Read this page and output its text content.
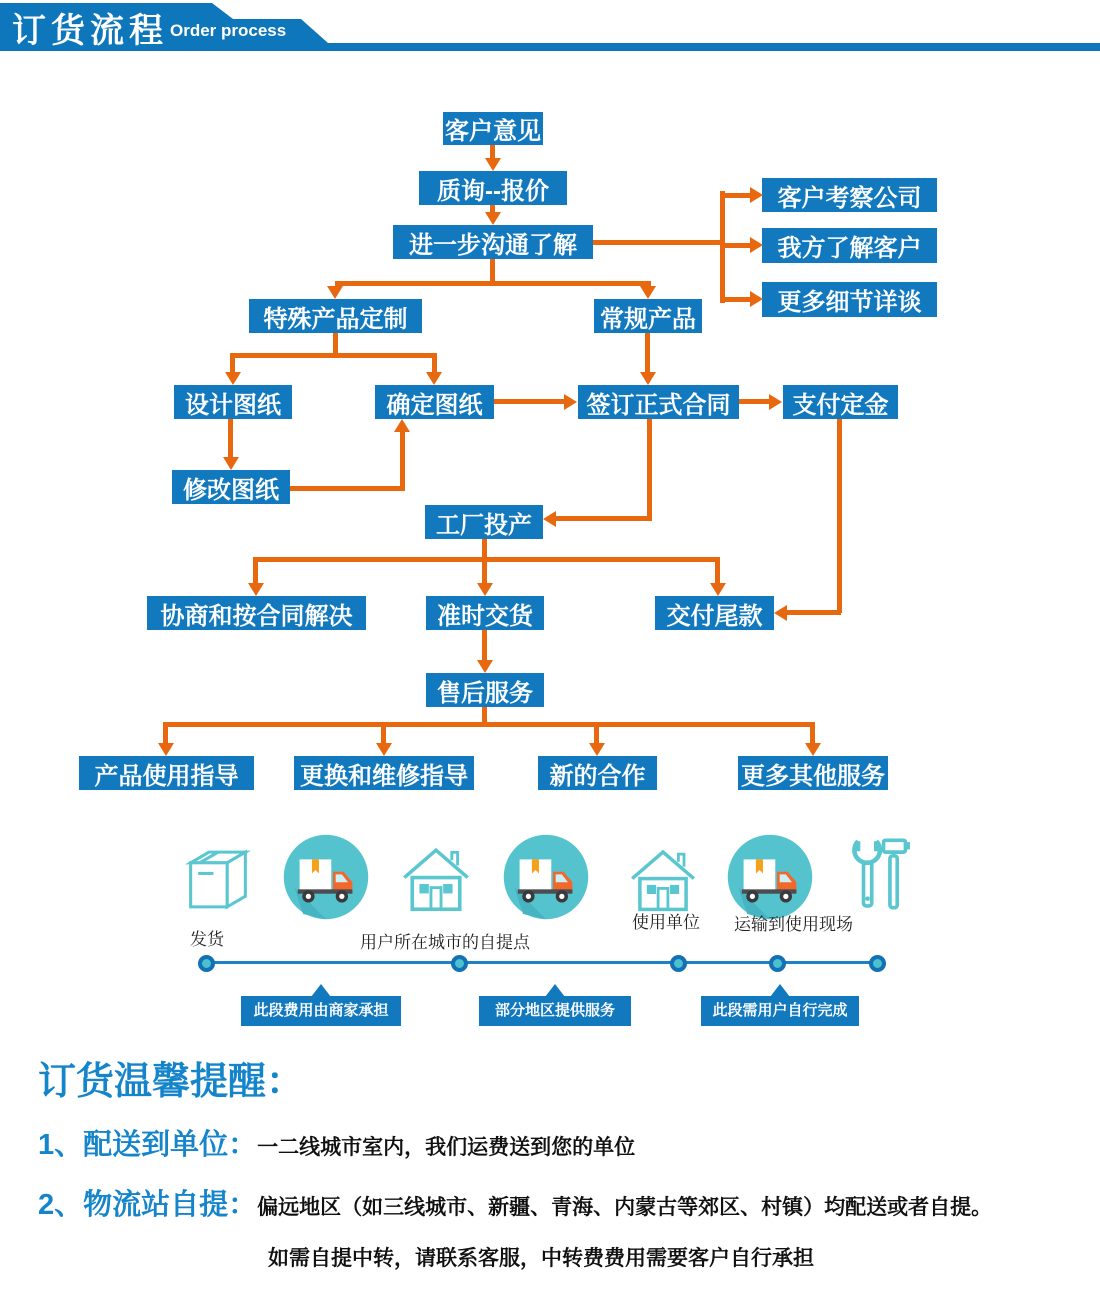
订货流程 Order process
客户意见
质询--报价
进一步沟通了解
客户考察公司
我方了解客户
更多细节详谈
特殊产品定制	常规产品
设计图纸	确定图纸	签订正式合同	支付定金
修改图纸
工厂投产
协商和按合同解决	准时交货	交付尾款
售后服务
产品使用指导	更换和维修指导	新的合作	更多其他服务
发货	用户所在城市的自提点
使用单位 运输到使用现场
此段费用由商家承担	部分地区提供服务	此段需用户自行完成
订货温馨提醒：
1、配送到单位：一二线城市室内，我们运费送到您的单位
2、物流站自提：偏远地区（如三线城市、新疆、青海、内蒙古等郊区、村镇）均配送或者自提。
如需自提中转，请联系客服，中转费费用需要客户自行承担
